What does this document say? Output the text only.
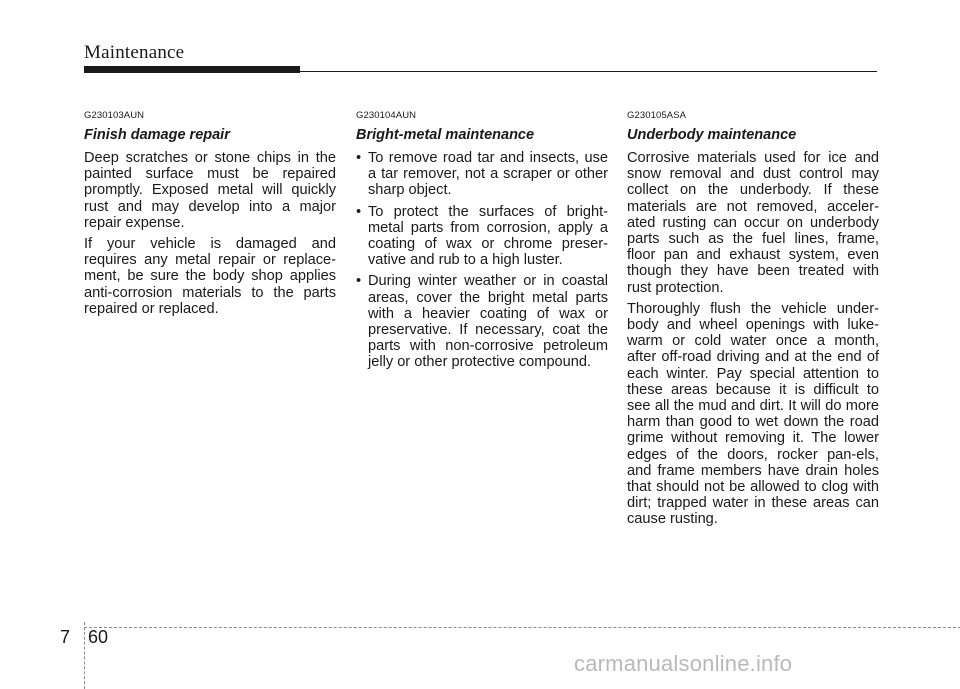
Maintenance
G230103AUN
Finish damage repair

Deep scratches or stone chips in the painted surface must be repaired promptly. Exposed metal will quickly rust and may develop into a major repair expense.

If your vehicle is damaged and requires any metal repair or replace-ment, be sure the body shop applies anti-corrosion materials to the parts repaired or replaced.

G230104AUN
Bright-metal maintenance
• To remove road tar and insects, use a tar remover, not a scraper or other sharp object.
• To protect the surfaces of bright-metal parts from corrosion, apply a coating of wax or chrome preser-vative and rub to a high luster.
• During winter weather or in coastal areas, cover the bright metal parts with a heavier coating of wax or preservative. If necessary, coat the parts with non-corrosive petroleum jelly or other protective compound.
G230105ASA
Underbody maintenance

Corrosive materials used for ice and snow removal and dust control may collect on the underbody. If these materials are not removed, acceler-ated rusting can occur on underbody parts such as the fuel lines, frame, floor pan and exhaust system, even though they have been treated with rust protection.

Thoroughly flush the vehicle under-body and wheel openings with luke-warm or cold water once a month, after off-road driving and at the end of each winter. Pay special attention to these areas because it is difficult to see all the mud and dirt. It will do more harm than good to wet down the road grime without removing it. The lower edges of the doors, rocker pan-els, and frame members have drain holes that should not be allowed to clog with dirt; trapped water in these areas can cause rusting.

7 60
carmanualsonline.info
